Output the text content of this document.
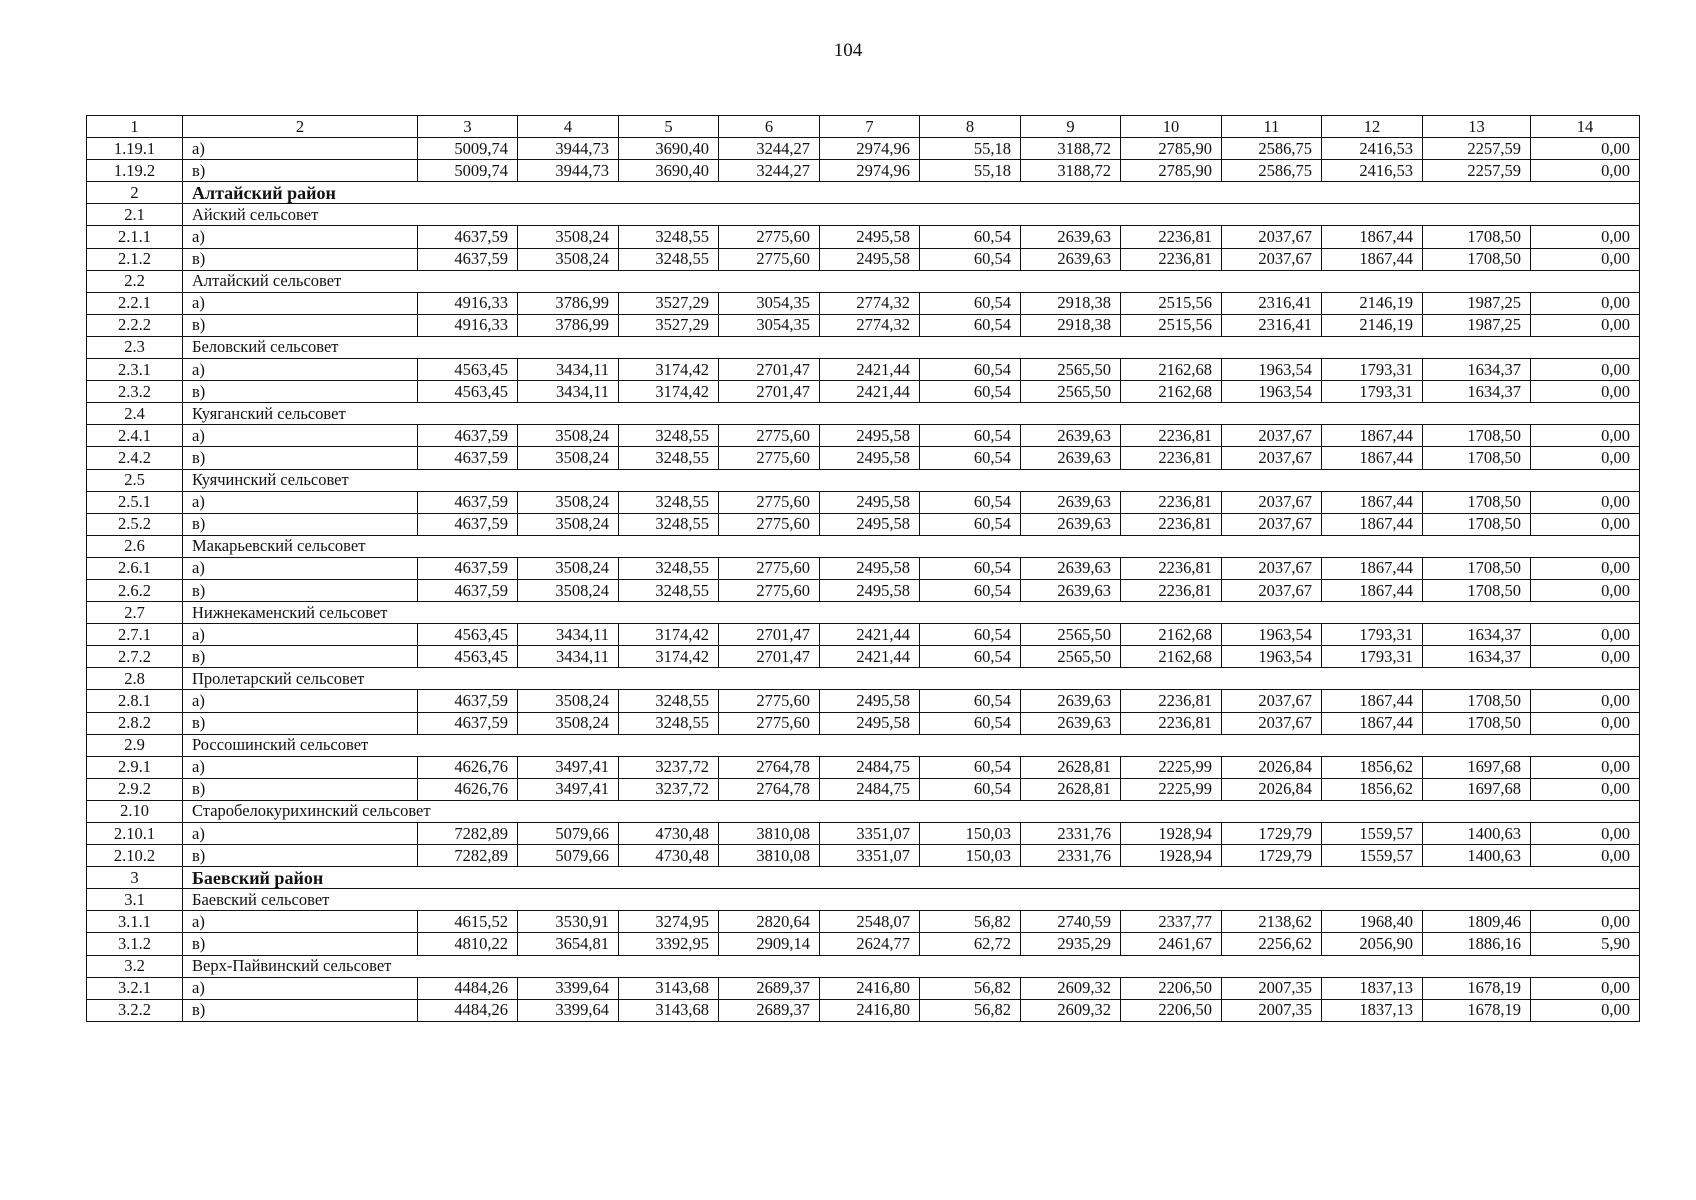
104
1	2	3	4	5	6	7	8	9	10	11	12	13	14
1.19.1	а)	5009,74	3944,73	3690,40	3244,27	2974,96	55,18	3188,72	2785,90	2586,75	2416,53	2257,59	0,00
1.19.2	в)	5009,74	3944,73	3690,40	3244,27	2974,96	55,18	3188,72	2785,90	2586,75	2416,53	2257,59	0,00
2	Алтайский район												
2.1	Айский сельсовет												
2.1.1	а)	4637,59	3508,24	3248,55	2775,60	2495,58	60,54	2639,63	2236,81	2037,67	1867,44	1708,50	0,00
2.1.2	в)	4637,59	3508,24	3248,55	2775,60	2495,58	60,54	2639,63	2236,81	2037,67	1867,44	1708,50	0,00
2.2	Алтайский сельсовет												
2.2.1	а)	4916,33	3786,99	3527,29	3054,35	2774,32	60,54	2918,38	2515,56	2316,41	2146,19	1987,25	0,00
2.2.2	в)	4916,33	3786,99	3527,29	3054,35	2774,32	60,54	2918,38	2515,56	2316,41	2146,19	1987,25	0,00
2.3	Беловский сельсовет												
2.3.1	а)	4563,45	3434,11	3174,42	2701,47	2421,44	60,54	2565,50	2162,68	1963,54	1793,31	1634,37	0,00
2.3.2	в)	4563,45	3434,11	3174,42	2701,47	2421,44	60,54	2565,50	2162,68	1963,54	1793,31	1634,37	0,00
2.4	Куяганский сельсовет												
2.4.1	а)	4637,59	3508,24	3248,55	2775,60	2495,58	60,54	2639,63	2236,81	2037,67	1867,44	1708,50	0,00
2.4.2	в)	4637,59	3508,24	3248,55	2775,60	2495,58	60,54	2639,63	2236,81	2037,67	1867,44	1708,50	0,00
2.5	Куячинский сельсовет												
2.5.1	а)	4637,59	3508,24	3248,55	2775,60	2495,58	60,54	2639,63	2236,81	2037,67	1867,44	1708,50	0,00
2.5.2	в)	4637,59	3508,24	3248,55	2775,60	2495,58	60,54	2639,63	2236,81	2037,67	1867,44	1708,50	0,00
2.6	Макарьевский сельсовет												
2.6.1	а)	4637,59	3508,24	3248,55	2775,60	2495,58	60,54	2639,63	2236,81	2037,67	1867,44	1708,50	0,00
2.6.2	в)	4637,59	3508,24	3248,55	2775,60	2495,58	60,54	2639,63	2236,81	2037,67	1867,44	1708,50	0,00
2.7	Нижнекаменский сельсовет												
2.7.1	а)	4563,45	3434,11	3174,42	2701,47	2421,44	60,54	2565,50	2162,68	1963,54	1793,31	1634,37	0,00
2.7.2	в)	4563,45	3434,11	3174,42	2701,47	2421,44	60,54	2565,50	2162,68	1963,54	1793,31	1634,37	0,00
2.8	Пролетарский сельсовет												
2.8.1	а)	4637,59	3508,24	3248,55	2775,60	2495,58	60,54	2639,63	2236,81	2037,67	1867,44	1708,50	0,00
2.8.2	в)	4637,59	3508,24	3248,55	2775,60	2495,58	60,54	2639,63	2236,81	2037,67	1867,44	1708,50	0,00
2.9	Россошинский сельсовет												
2.9.1	а)	4626,76	3497,41	3237,72	2764,78	2484,75	60,54	2628,81	2225,99	2026,84	1856,62	1697,68	0,00
2.9.2	в)	4626,76	3497,41	3237,72	2764,78	2484,75	60,54	2628,81	2225,99	2026,84	1856,62	1697,68	0,00
2.10	Старобелокурихинский сельсовет												
2.10.1	а)	7282,89	5079,66	4730,48	3810,08	3351,07	150,03	2331,76	1928,94	1729,79	1559,57	1400,63	0,00
2.10.2	в)	7282,89	5079,66	4730,48	3810,08	3351,07	150,03	2331,76	1928,94	1729,79	1559,57	1400,63	0,00
3	Баевский район												
3.1	Баевский сельсовет												
3.1.1	а)	4615,52	3530,91	3274,95	2820,64	2548,07	56,82	2740,59	2337,77	2138,62	1968,40	1809,46	0,00
3.1.2	в)	4810,22	3654,81	3392,95	2909,14	2624,77	62,72	2935,29	2461,67	2256,62	2056,90	1886,16	5,90
3.2	Верх-Пайвинский сельсовет												
3.2.1	а)	4484,26	3399,64	3143,68	2689,37	2416,80	56,82	2609,32	2206,50	2007,35	1837,13	1678,19	0,00
3.2.2	в)	4484,26	3399,64	3143,68	2689,37	2416,80	56,82	2609,32	2206,50	2007,35	1837,13	1678,19	0,00
